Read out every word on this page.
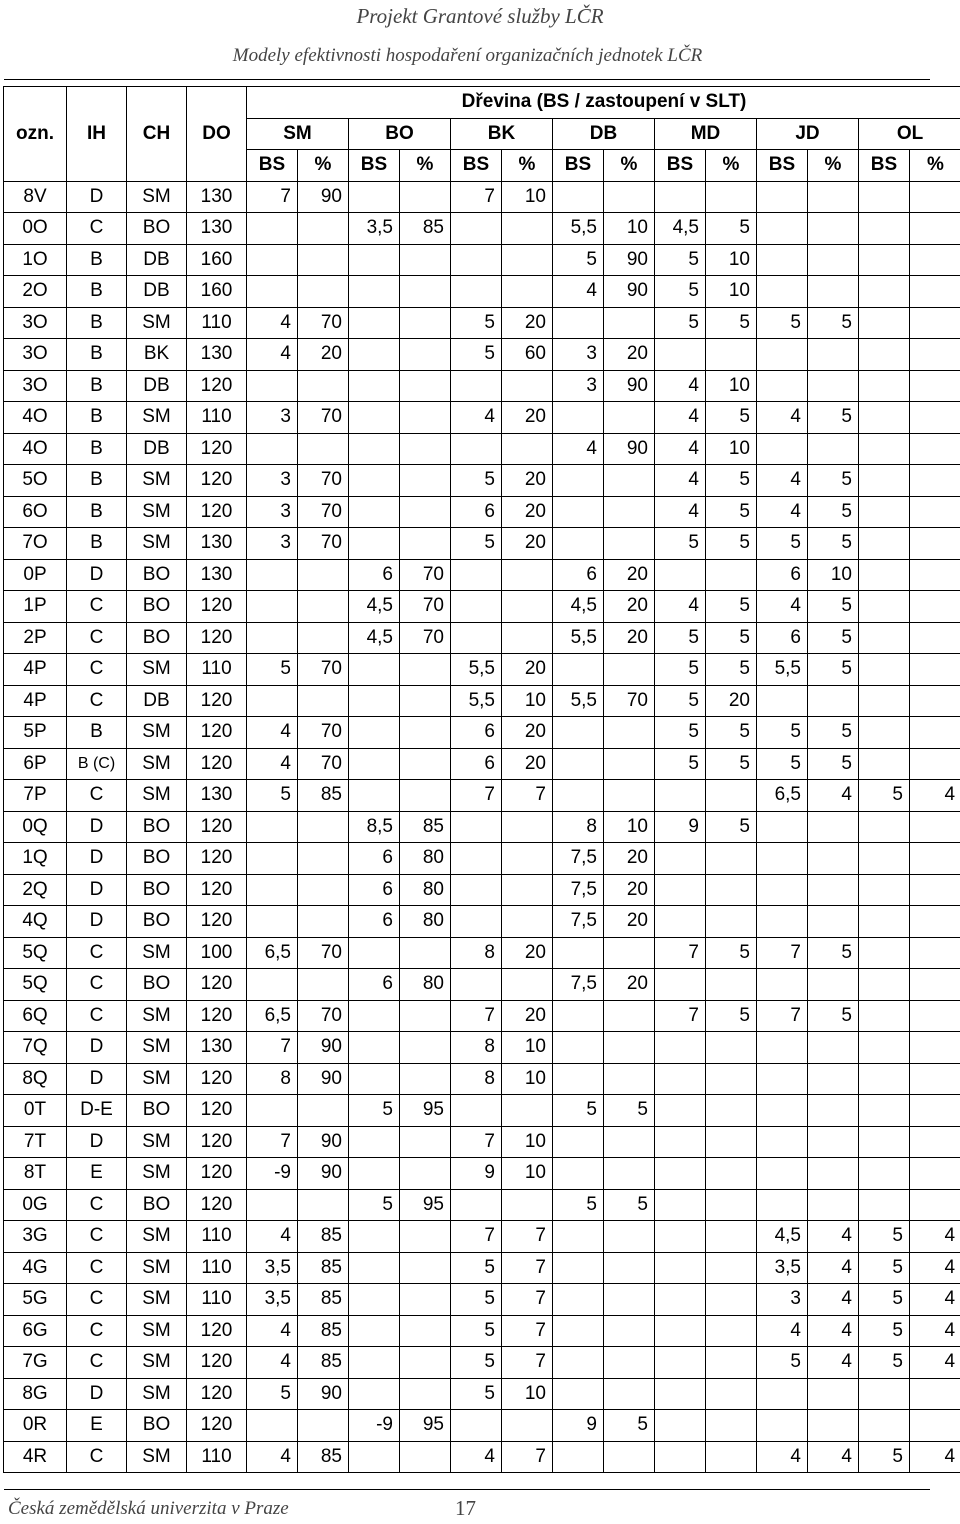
Projekt Grantové služby LČR
Modely efektivnosti hospodaření organizačních jednotek LČR
ozn.	IH	CH	DO	Dřevina (BS / zastoupení v SLT)													
				SM		BO		BK		DB		MD		JD		OL	
				BS	%	BS	%	BS	%	BS	%	BS	%	BS	%	BS	%
8V	D	SM	130	7	90			7	10								
0O	C	BO	130			3,5	85			5,5	10	4,5	5				
1O	B	DB	160							5	90	5	10				
2O	B	DB	160							4	90	5	10				
3O	B	SM	110	4	70			5	20			5	5	5	5		
3O	B	BK	130	4	20			5	60	3	20						
3O	B	DB	120							3	90	4	10				
4O	B	SM	110	3	70			4	20			4	5	4	5		
4O	B	DB	120							4	90	4	10				
5O	B	SM	120	3	70			5	20			4	5	4	5		
6O	B	SM	120	3	70			6	20			4	5	4	5		
7O	B	SM	130	3	70			5	20			5	5	5	5		
0P	D	BO	130			6	70			6	20			6	10		
1P	C	BO	120			4,5	70			4,5	20	4	5	4	5		
2P	C	BO	120			4,5	70			5,5	20	5	5	6	5		
4P	C	SM	110	5	70			5,5	20			5	5	5,5	5		
4P	C	DB	120					5,5	10	5,5	70	5	20				
5P	B	SM	120	4	70			6	20			5	5	5	5		
6P	B (C)	SM	120	4	70			6	20			5	5	5	5		
7P	C	SM	130	5	85			7	7					6,5	4	5	4
0Q	D	BO	120			8,5	85			8	10	9	5				
1Q	D	BO	120			6	80			7,5	20						
2Q	D	BO	120			6	80			7,5	20						
4Q	D	BO	120			6	80			7,5	20						
5Q	C	SM	100	6,5	70			8	20			7	5	7	5		
5Q	C	BO	120			6	80			7,5	20						
6Q	C	SM	120	6,5	70			7	20			7	5	7	5		
7Q	D	SM	130	7	90			8	10								
8Q	D	SM	120	8	90			8	10								
0T	D-E	BO	120			5	95			5	5						
7T	D	SM	120	7	90			7	10								
8T	E	SM	120	-9	90			9	10								
0G	C	BO	120			5	95			5	5						
3G	C	SM	110	4	85			7	7					4,5	4	5	4
4G	C	SM	110	3,5	85			5	7					3,5	4	5	4
5G	C	SM	110	3,5	85			5	7					3	4	5	4
6G	C	SM	120	4	85			5	7					4	4	5	4
7G	C	SM	120	4	85			5	7					5	4	5	4
8G	D	SM	120	5	90			5	10								
0R	E	BO	120			-9	95			9	5						
4R	C	SM	110	4	85			4	7					4	4	5	4
Česká zemědělská univerzita v Praze	17
